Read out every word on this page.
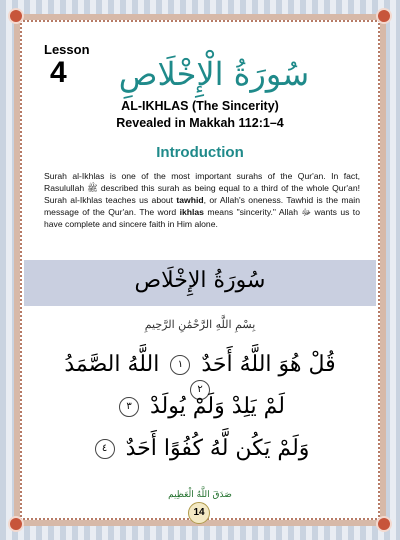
Lesson
4	سُورَةُ الْإِخْلَاصِ
AL-IKHLAS (The Sincerity)
Revealed in Makkah 112:1–4
Introduction
Surah al-Ikhlas is one of the most important surahs of the Qur'an. In fact, Rasulullah ﷺ described this surah as being equal to a third of the whole Qur'an! Surah al-Ikhlas teaches us about tawhid, or Allah's oneness. Tawhid is the main message of the Qur'an. The word ikhlas means "sincerity." Allah ﷻ wants us to have complete and sincere faith in Him alone.
سُورَةُ الإِخْلَاص
بِسْمِ اللَّهِ الرَّحْمَٰنِ الرَّحِيمِ
قُلْ هُوَ اللَّهُ أَحَدٌ ١ اللَّهُ الصَّمَدُ ٢
لَمْ يَلِدْ وَلَمْ يُولَدْ ٣
وَلَمْ يَكُن لَّهُ كُفُوًا أَحَدٌ ٤
صَدَقَ اللَّهُ الْعَظِيم
14
